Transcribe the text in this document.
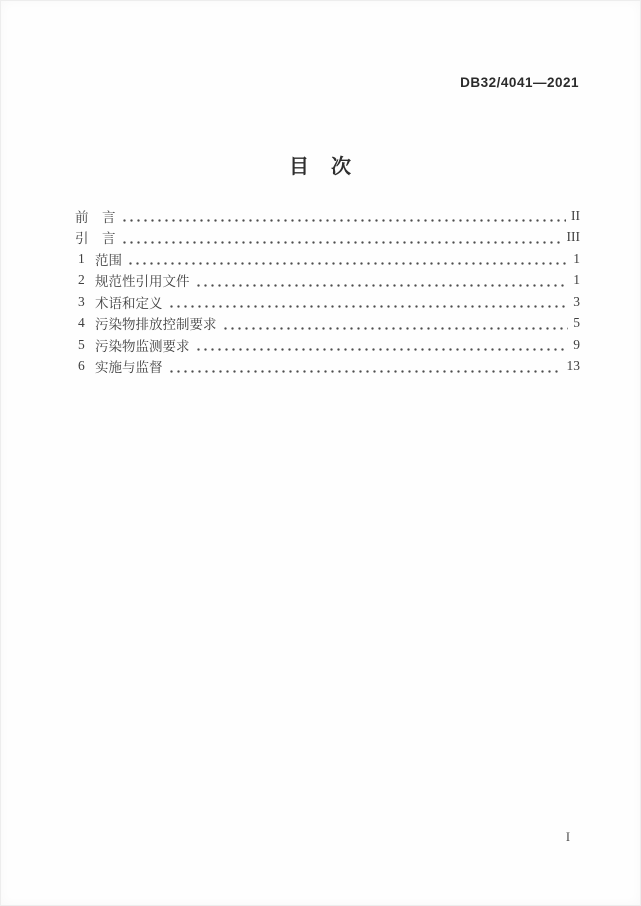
DB32/4041—2021
目　次
前　言	II
引　言	III
1 范围	1
2 规范性引用文件	1
3 术语和定义	3
4 污染物排放控制要求	5
5 污染物监测要求	9
6 实施与监督	13
I
